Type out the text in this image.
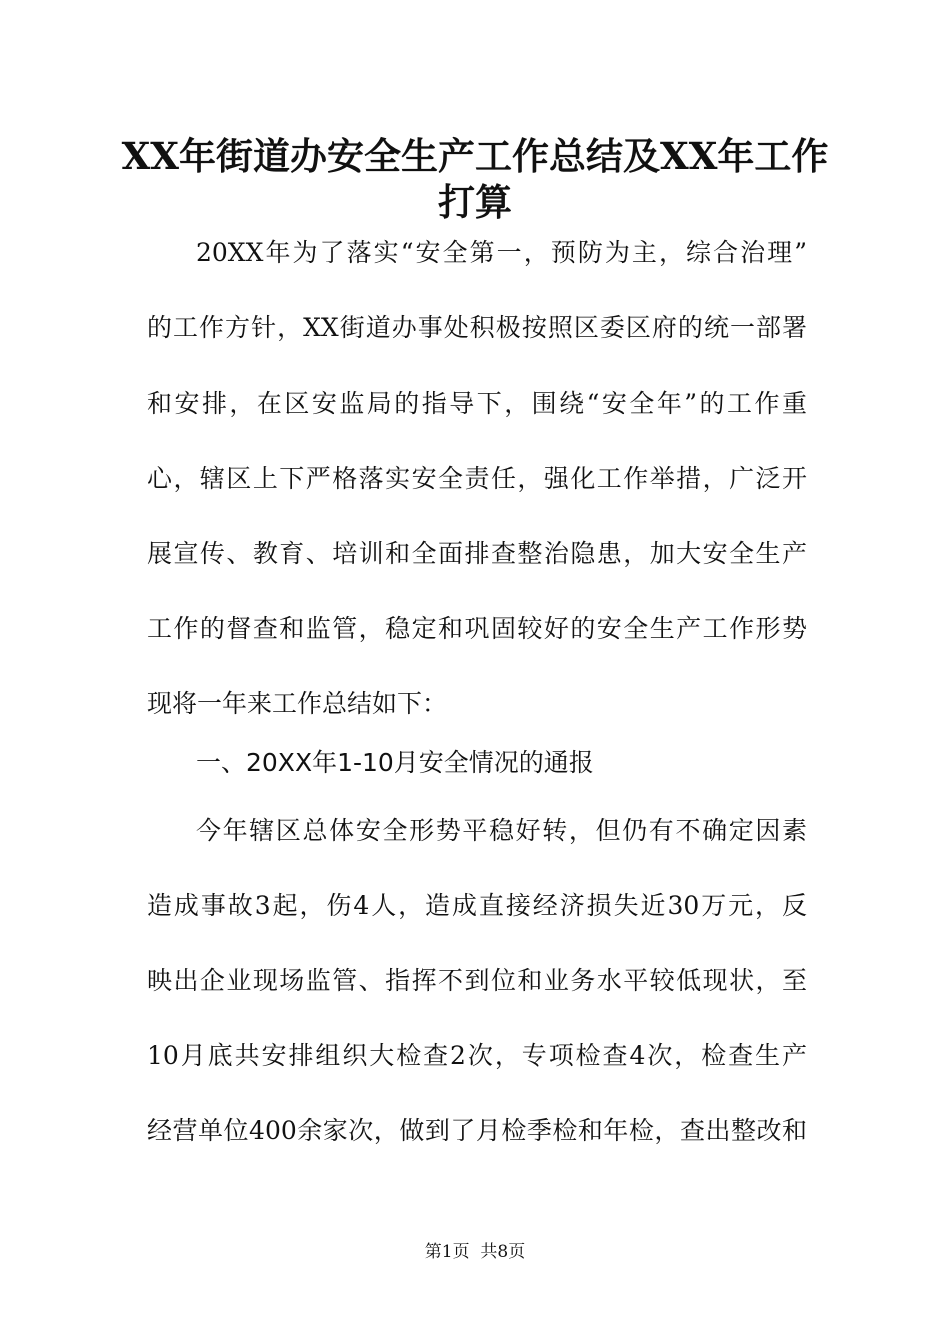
XX年街道办安全生产工作总结及XX年工作
打算

20XX年为了落实“安全第一，预防为主，综合治理”

的工作方针，XX街道办事处积极按照区委区府的统一部署

和安排，在区安监局的指导下，围绕“安全年”的工作重

心，辖区上下严格落实安全责任，强化工作举措，广泛开

展宣传、教育、培训和全面排查整治隐患，加大安全生产

工作的督查和监管，稳定和巩固较好的安全生产工作形势

现将一年来工作总结如下：

一、20XX年1-10月安全情况的通报

今年辖区总体安全形势平稳好转，但仍有不确定因素

造成事故3起，伤4人，造成直接经济损失近30万元，反

映出企业现场监管、指挥不到位和业务水平较低现状，至

10月底共安排组织大检查2次，专项检查4次，检查生产

经营单位400余家次，做到了月检季检和年检，查出整改和

第1页  共8页
